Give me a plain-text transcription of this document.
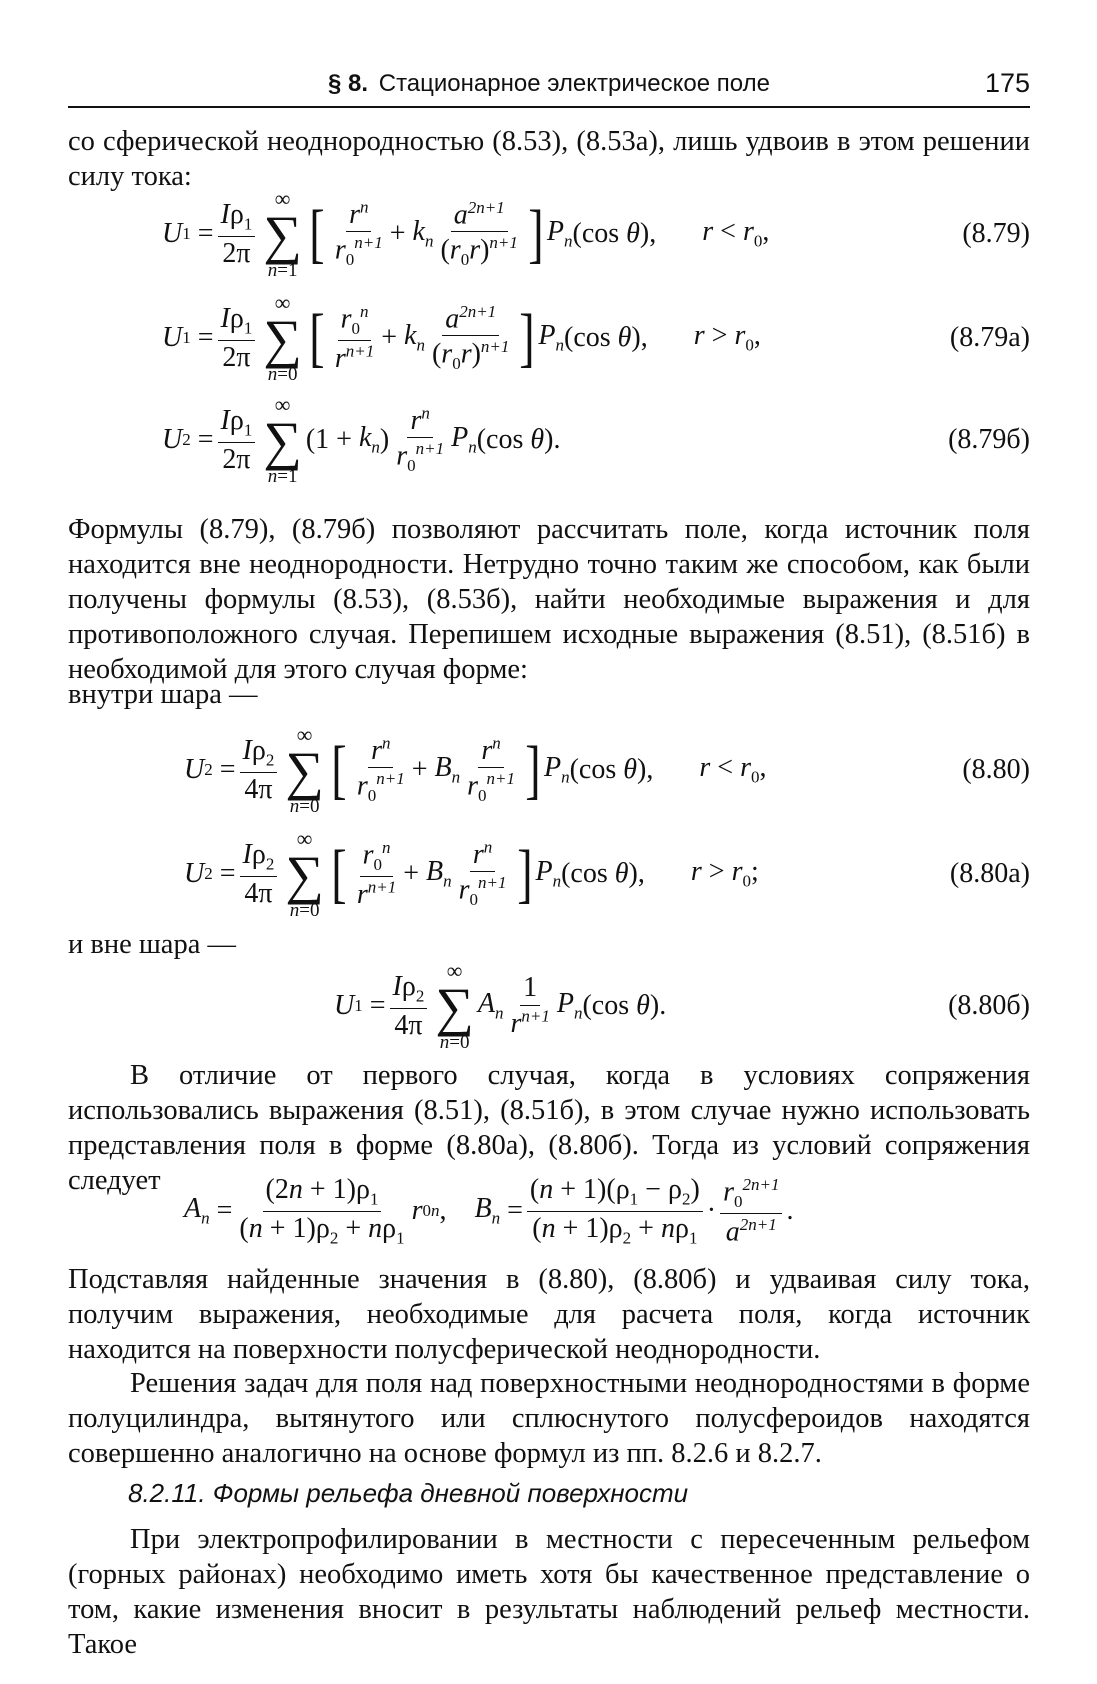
§ 8. Стационарное электрическое поле	175
со сферической неоднородностью (8.53), (8.53а), лишь удвоив в этом решении силу тока:
U $1 = \frac{I\rho_1}{2\pi}$
∞
∑
n=1
[ $\frac{r^n}{r_0^{n+1}} + k_n \frac{a^{2n+1}}{(r_0r)^{n+1}}$ ] $P_n$ (cos θ ), $r < r_0$,	(8.79)
U $1 = \frac{I\rho_1}{2\pi}$
∞
∑
n=0
[ $\frac{r_0^n}{r^{n+1}} + k_n \frac{a^{2n+1}}{(r_0r)^{n+1}}$ ] $P_n$ (cos θ ), $r > r_0$,	(8.79а)
U $2 = \frac{I\rho_1}{2\pi}$
∞
∑
n=1
($1 + k_n$ ) $\frac{r^n}{r_0^{n+1}} P_n$ (cos θ ).	(8.79б)
Формулы (8.79), (8.79б) позволяют рассчитать поле, когда источник поля находится вне неоднородности. Нетрудно точно таким же способом, как были получены формулы (8.53), (8.53б), найти необходимые выражения и для противоположного случая. Перепишем исходные выражения (8.51), (8.51б) в необходимой для этого случая форме:
внутри шара —
U $2 = \frac{I\rho_2}{4\pi}$
∞
∑
n=0
[ $\frac{r^n}{r_0^{n+1}} + B_n \frac{r^n}{r_0^{n+1}}$ ] $P_n$ (cos θ ), $r < r_0$,	(8.80)
U $2 = \frac{I\rho_2}{4\pi}$
∞
∑
n=0
[ $\frac{r_0^n}{r^{n+1}} + B_n \frac{r^n}{r_0^{n+1}}$ ] $P_n$ (cos θ ), $r > r_0$;	(8.80а)
и вне шара —
U $1 = \frac{I\rho_2}{4\pi}$
∞
∑
n=0
$A_n \frac{1}{r^{n+1}} P_n$ (cos θ ).	(8.80б)
В отличие от первого случая, когда в условиях сопряжения использовались выражения (8.51), (8.51б), в этом случае нужно использовать представления поля в форме (8.80а), (8.80б). Тогда из условий сопряжения следует
$A_n = \frac{(2n + 1)\rho_1}{(n + 1)\rho_2 + n\rho_1}$ r 0 n , $B_n = \frac{(n + 1)(\rho_1 - \rho_2)}{(n + 1)\rho_2 + n\rho_1} \cdot \frac{r_0^{2n+1}}{a^{2n+1}}$ .
Подставляя найденные значения в (8.80), (8.80б) и удваивая силу тока, получим выражения, необходимые для расчета поля, когда источник находится на поверхности полусферической неоднородности.
Решения задач для поля над поверхностными неоднородностями в форме полуцилиндра, вытянутого или сплюснутого полусфероидов находятся совершенно аналогично на основе формул из пп. 8.2.6 и 8.2.7.
8.2.11. Формы рельефа дневной поверхности
При электропрофилировании в местности с пересеченным рельефом (горных районах) необходимо иметь хотя бы качественное представление о том, какие изменения вносит в результаты наблюдений рельеф местности. Такое
